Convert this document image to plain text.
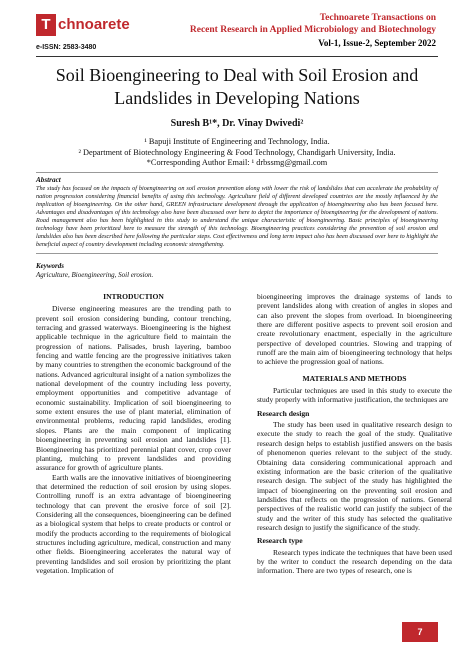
T chnoarete
e-ISSN: 2583-3480
Technoarete Transactions on
Recent Research in Applied Microbiology and Biotechnology
Vol-1, Issue-2, September 2022
Soil Bioengineering to Deal with Soil Erosion and
Landslides in Developing Nations
Suresh B¹*, Dr. Vinay Dwivedi²
¹ Bapuji Institute of Engineering and Technology, India.
² Department of Biotechnology Engineering & Food Technology, Chandigarh University, India.
*Corresponding Author Email: ¹ drbssmg@gmail.com
Abstract

The study has focused on the impacts of bioengineering on soil erosion prevention along with lower the risk of landslides that can accelerate the probability of nation progression considering financial benefits of using this technology. Agriculture field of different developed countries are the mostly influenced by the implication of bioengineering. On the other hand, GREEN infrastructure development through the application of bioengineering also has been focused here. Advantages and disadvantages of this technology also have been discussed over here to depict the importance of bioengineering for the development of nations. Road management also has been highlighted in this study to understand the unique characteristic of bioengineering. Basic principles of bioengineering technology have been prioritized here to measure the strength of this technology. Bioengineering practices considering the prevention of soil erosion and landslides also has been described here following the particular steps. Cost effectiveness and long term impact also has been discussed over here to highlight the beneficial aspect of country development including economic strengthening.

Keywords
Agriculture, Bioengineering, Soil erosion.
INTRODUCTION

Diverse engineering measures are the trending path to prevent soil erosion considering bunding, contour trenching, terracing and grassed waterways. Bioengineering is the highest applicable technique in the agriculture field to maintain the progression of nations. Palisades, brush layering, bamboo fencing and wattle fencing are the progressive initiatives taken by many countries to strengthen the economic background of the nations. Advanced agricultural insight of a nation symbolizes the national development of the country including less poverty, employment opportunities and competitive advantage of economic sustainability. Implication of soil bioengineering to some extent ensures the use of plant material, elimination of environmental problems, reducing rapid landslides, eroding slopes. Plants are the main component of implicating bioengineering in preventing soil erosion and landslides [1]. Bioengineering has prioritized perennial plant cover, crop cover planting, mulching to prevent landslides and providing assurance for growth of agriculture plants.

Earth walls are the innovative initiatives of bioengineering that determined the reduction of soil erosion by using slopes. Controlling runoff is an extra advantage of bioengineering technology that can prevent the erosive force of soil [2]. Considering all the consequences, bioengineering can be defined as a biological system that helps to create products or control or modify the products according to the requirements of biological structures including agriculture, medical, construction and many other fields. Bioengineering accelerates the natural way of preventing landslides and soil erosion by prioritizing the plant vegetation. Implication of

bioengineering improves the drainage systems of lands to prevent landslides along with creation of angles in slopes and can also prevent the slopes from overload. In bioengineering there are different positive aspects to prevent soil erosion and create revolutionary enactment, especially in the agriculture perspective of developed countries. Slowing and trapping of runoff are the main aim of bioengineering technology that helps to achieve the progression goal of nations.

MATERIALS AND METHODS

Particular techniques are used in this study to execute the study properly with informative justification, the techniques are

Research design

The study has been used in qualitative research design to execute the study to reach the goal of the study. Qualitative research design helps to establish justified answers on the basis of phenomenon queries relevant to the subject of the study. Obtaining data considering communicational approach and existing information are the basic criterion of the qualitative research design. The subject of the study has highlighted the impact of bioengineering on the preventing soil erosion and landslides that reflects on the progression of nations. General perspectives of the realistic world can justify the subject of the study and the writer of this study has selected the qualitative research design to justify the significance of the study.

Research type

Research types indicate the techniques that have been used by the writer to conduct the research depending on the data information. There are two types of research, one is

7
